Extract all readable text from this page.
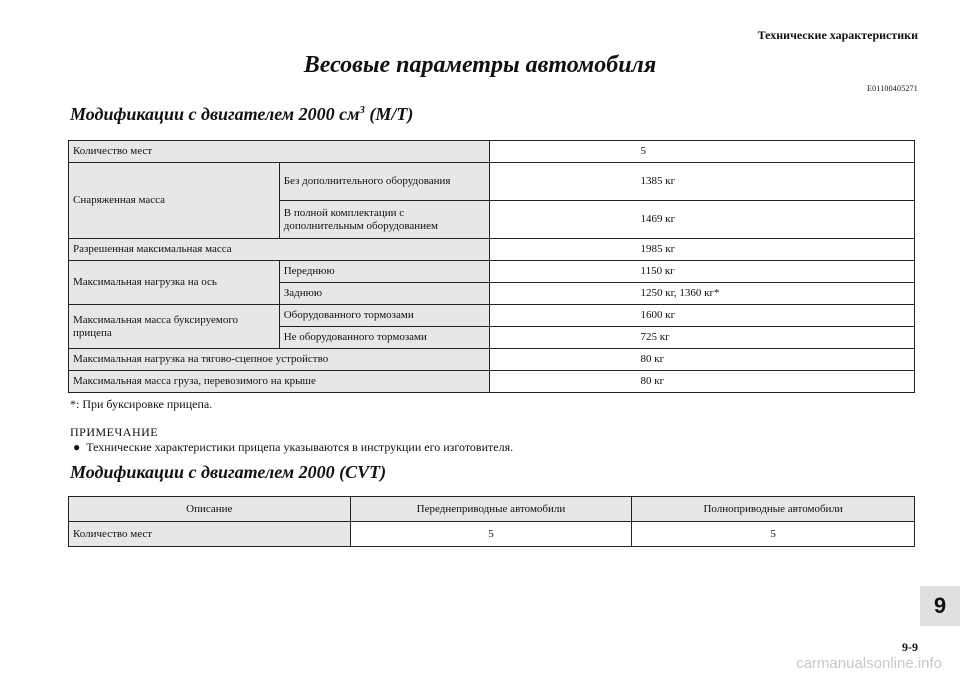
Технические характеристики
Весовые параметры автомобиля
E01100405271
Модификации с двигателем 2000 $см^3$ (M/T)
Количество мест		5
Снаряженная масса	Без дополнительного оборудования	1385 кг
	В полной комплектации с дополнительным оборудованием	1469 кг
Разрешенная максимальная масса		1985 кг
Максимальная нагрузка на ось	Переднюю	1150 кг
	Заднюю	1250 кг, 1360 кг*
Максимальная масса буксируемого прицепа	Оборудованного тормозами	1600 кг
	Не оборудованного тормозами	725 кг
Максимальная нагрузка на тягово-сцепное устройство		80 кг
Максимальная масса груза, перевозимого на крыше		80 кг
*: При буксировке прицепа.
ПРИМЕЧАНИЕ
● Технические характеристики прицепа указываются в инструкции его изготовителя.
Модификации с двигателем 2000 (CVT)
Описание	Переднеприводные автомобили	Полноприводные автомобили
Количество мест	5	5
9
9-9
carmanualsonline.info
